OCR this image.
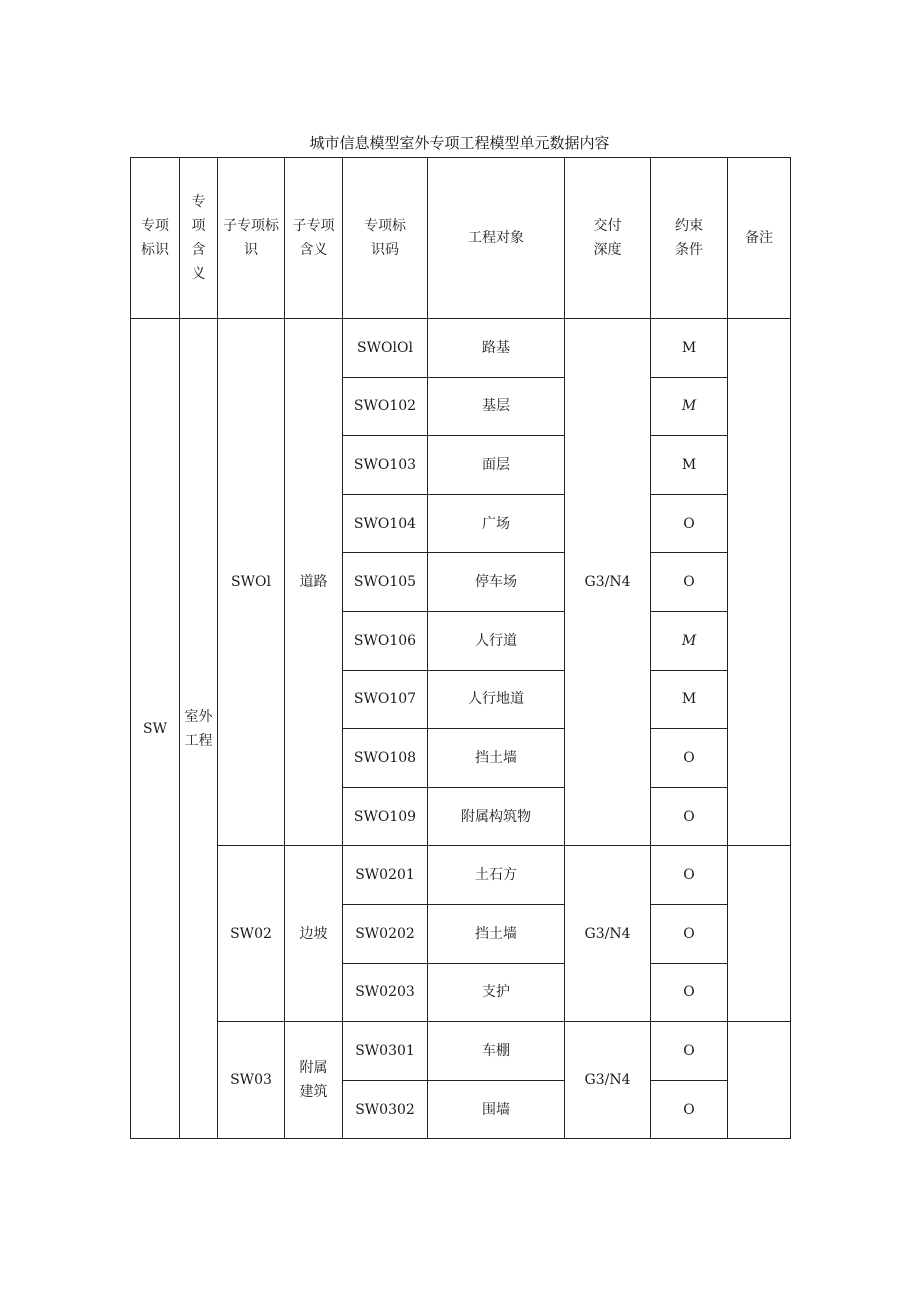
城市信息模型室外专项工程模型单元数据内容
专项标识	专项含义	子专项标识	子专项含义	专项标识码	工程对象	交付深度	约束条件	备注
SW	室外工程	SWOl	道路	SWOlOl	路基	G3/N4	M	
				SWO102	基层		M	
				SWO103	面层		M	
				SWO104	广场		O	
				SWO105	停车场		O	
				SWO106	人行道		M	
				SWO107	人行地道		M	
				SWO108	挡土墙		O	
				SWO109	附属构筑物		O	
		SW02	边坡	SW0201	土石方	G3/N4	O	
				SW0202	挡土墙		O	
				SW0203	支护		O	
		SW03	附属建筑	SW0301	车棚	G3/N4	O	
				SW0302	围墙		O	
